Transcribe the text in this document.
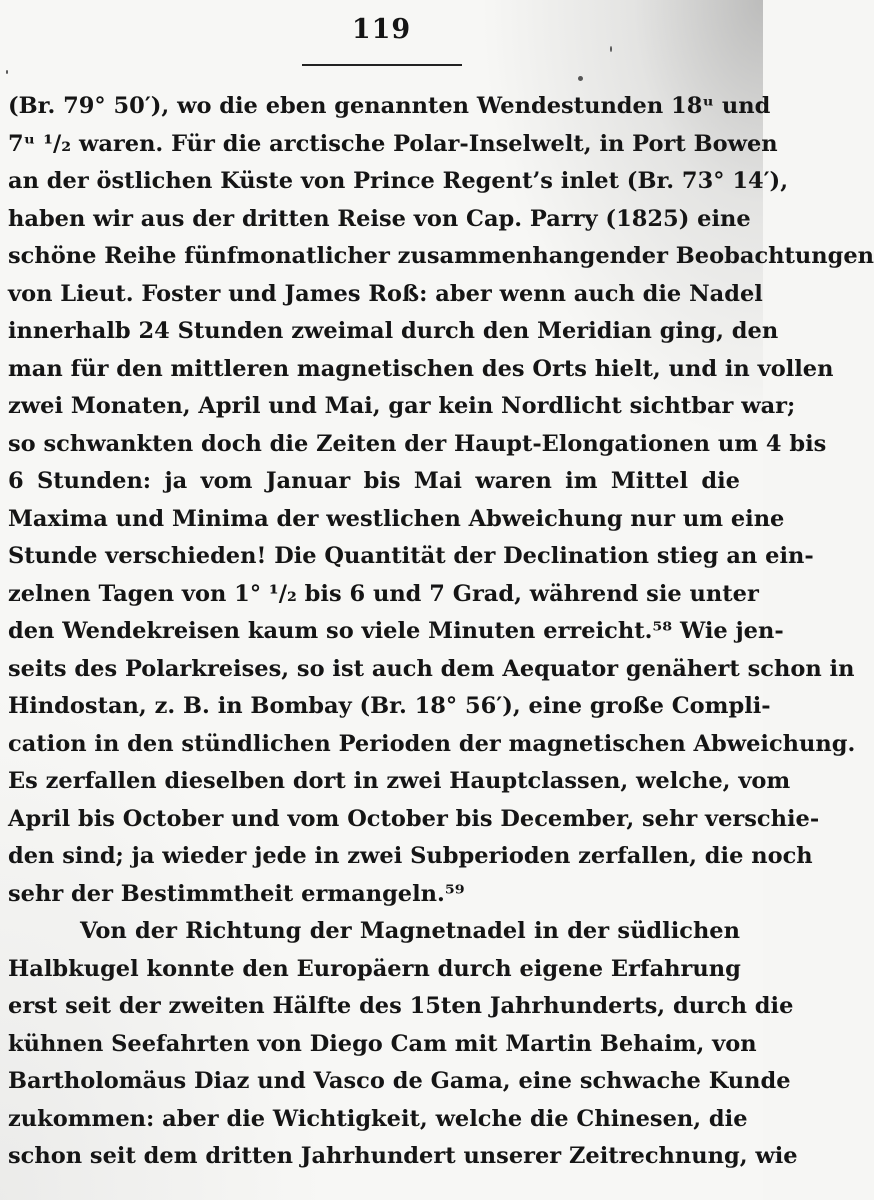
119
(Br. 79° 50′), wo die eben genannten Wendestunden 18ᵘ und
7ᵘ ¹/₂ waren. Für die arctische Polar-Inselwelt, in Port Bowen
an der östlichen Küste von Prince Regent’s inlet (Br. 73° 14′),
haben wir aus der dritten Reise von Cap. Parry (1825) eine
schöne Reihe fünfmonatlicher zusammenhangender Beobachtungen
von Lieut. Foster und James Roß: aber wenn auch die Nadel
innerhalb 24 Stunden zweimal durch den Meridian ging, den
man für den mittleren magnetischen des Orts hielt, und in vollen
zwei Monaten, April und Mai, gar kein Nordlicht sichtbar war;
so schwankten doch die Zeiten der Haupt-Elongationen um 4 bis
6 Stunden: ja vom Januar bis Mai waren im Mittel die
Maxima und Minima der westlichen Abweichung nur um eine
Stunde verschieden! Die Quantität der Declination stieg an ein-
zelnen Tagen von 1° ¹/₂ bis 6 und 7 Grad, während sie unter
den Wendekreisen kaum so viele Minuten erreicht.⁵⁸ Wie jen-
seits des Polarkreises, so ist auch dem Aequator genähert schon in
Hindostan, z. B. in Bombay (Br. 18° 56′), eine große Compli-
cation in den stündlichen Perioden der magnetischen Abweichung.
Es zerfallen dieselben dort in zwei Hauptclassen, welche, vom
April bis October und vom October bis December, sehr verschie-
den sind; ja wieder jede in zwei Subperioden zerfallen, die noch
sehr der Bestimmtheit ermangeln.⁵⁹
Von der Richtung der Magnetnadel in der südlichen
Halbkugel konnte den Europäern durch eigene Erfahrung
erst seit der zweiten Hälfte des 15ten Jahrhunderts, durch die
kühnen Seefahrten von Diego Cam mit Martin Behaim, von
Bartholomäus Diaz und Vasco de Gama, eine schwache Kunde
zukommen: aber die Wichtigkeit, welche die Chinesen, die
schon seit dem dritten Jahrhundert unserer Zeitrechnung, wie
